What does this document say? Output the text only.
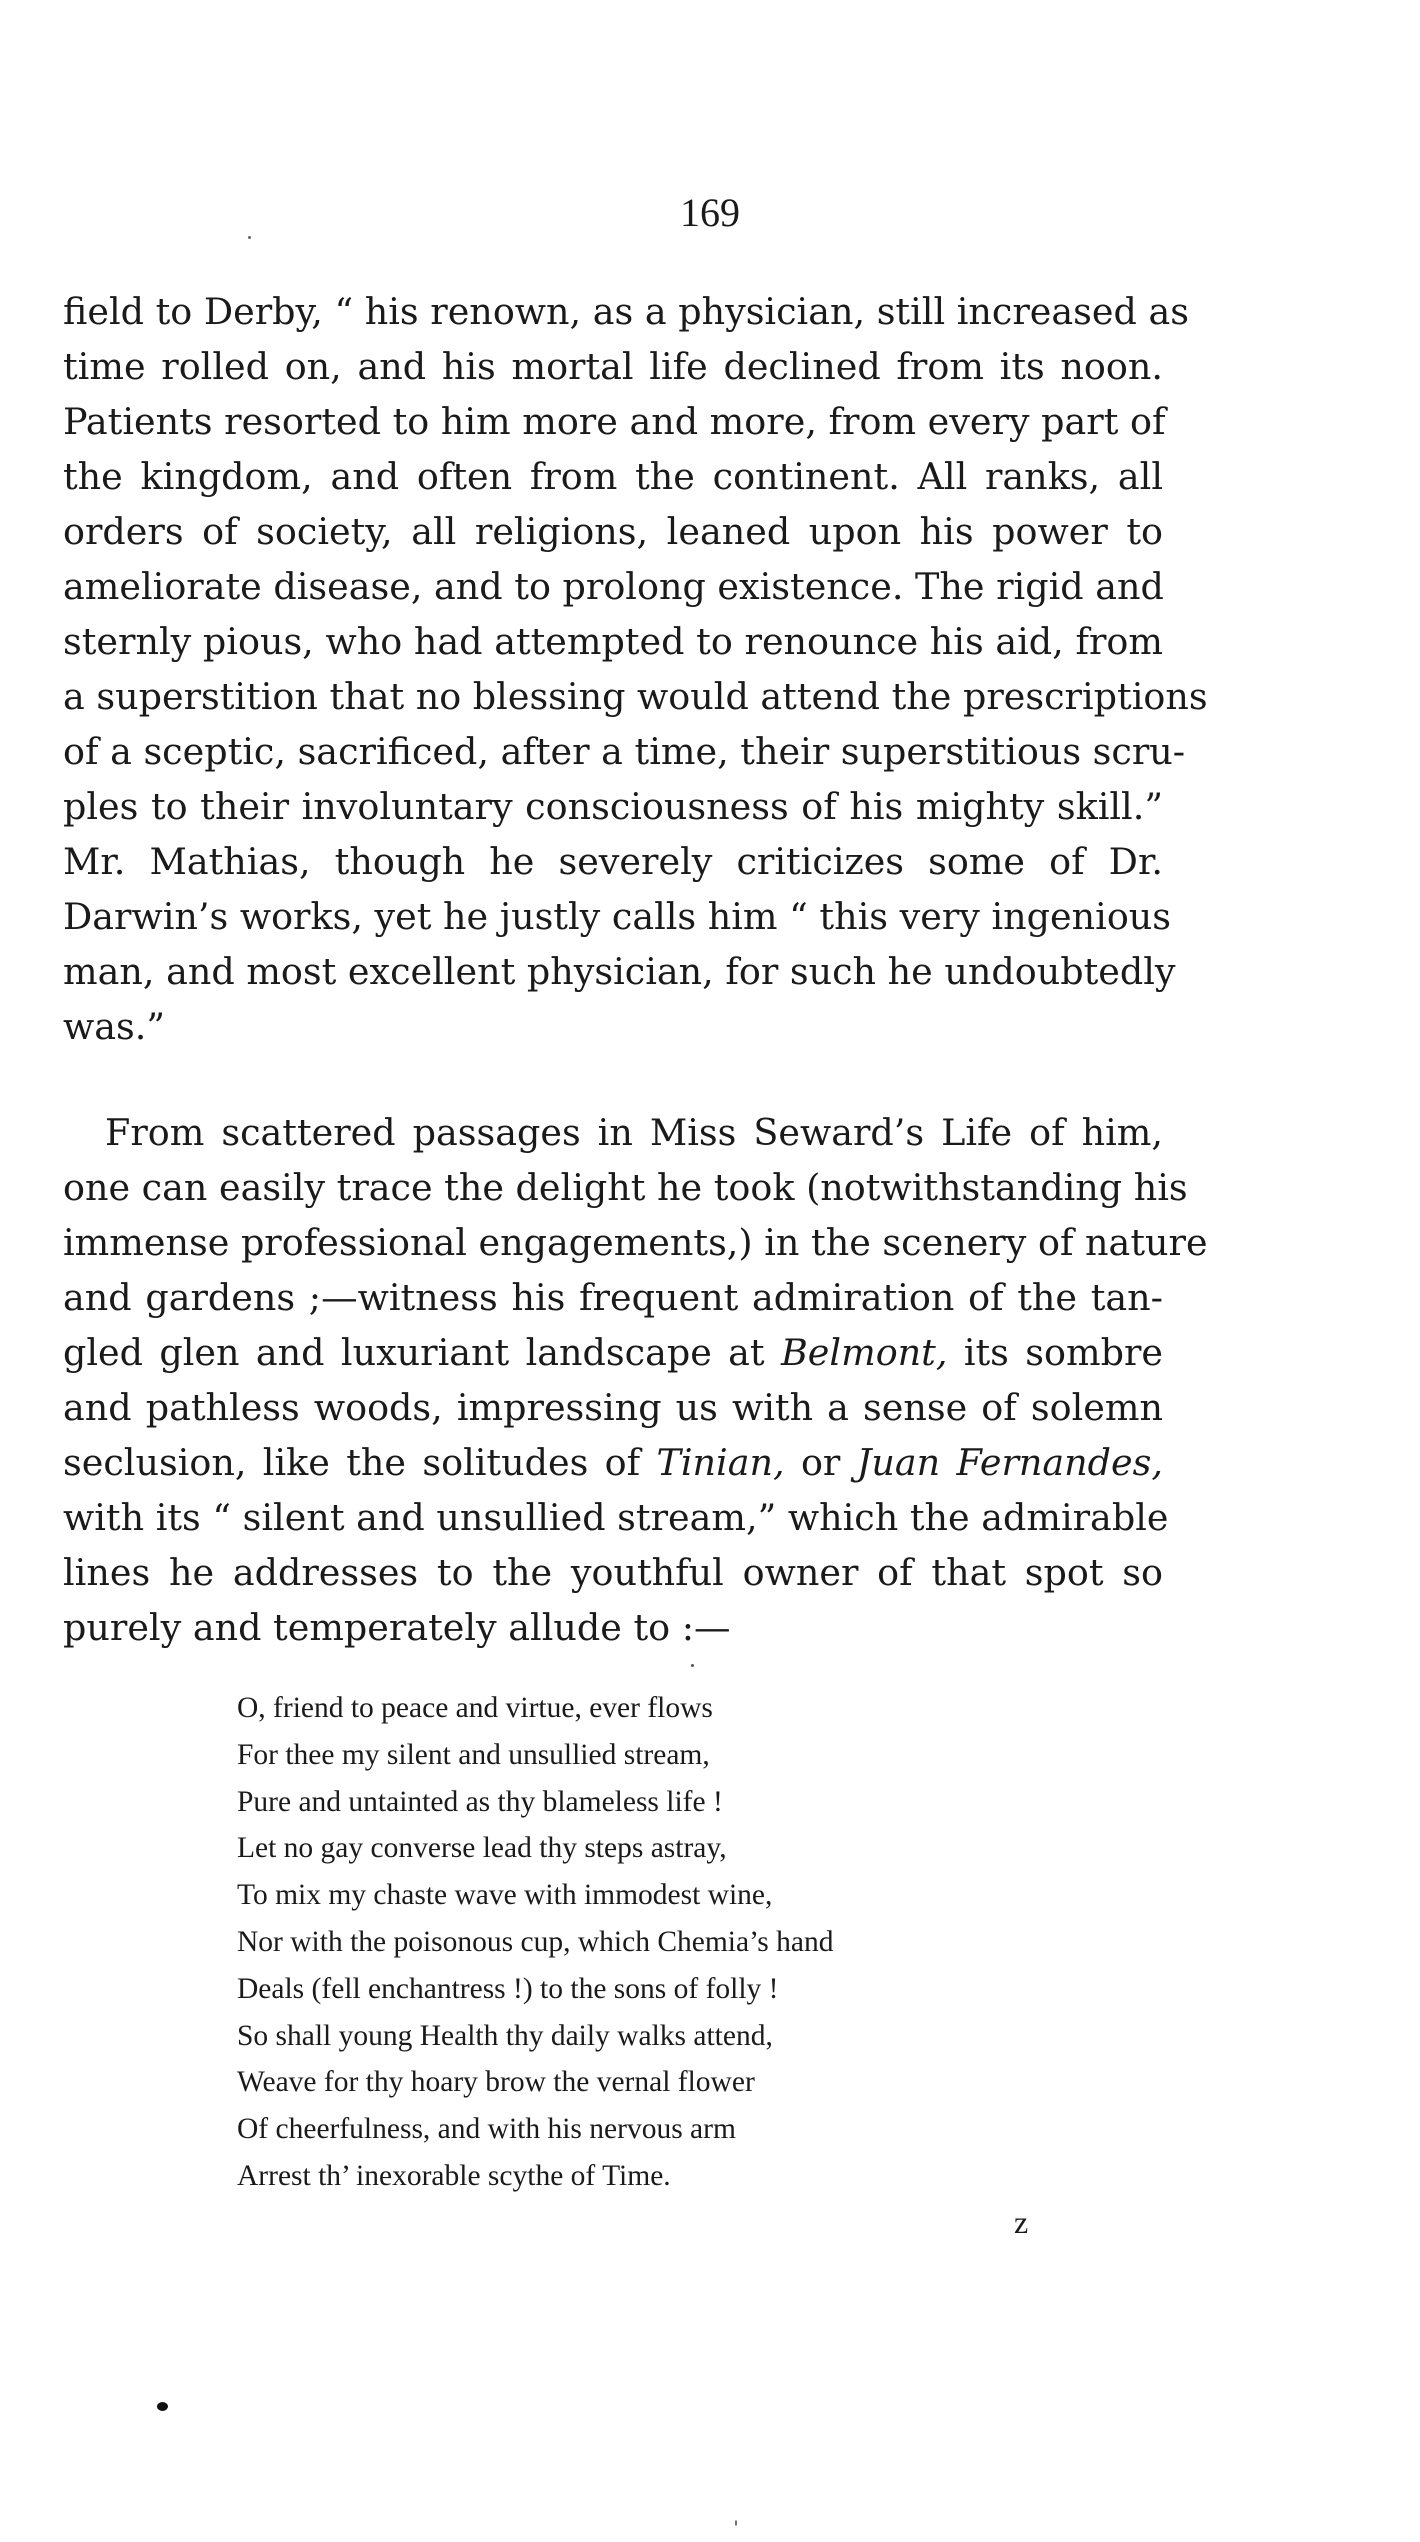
169
field to Derby, “ his renown, as a physician, still increased as
time rolled on, and his mortal life declined from its noon.
Patients resorted to him more and more, from every part of
the kingdom, and often from the continent. All ranks, all
orders of society, all religions, leaned upon his power to
ameliorate disease, and to prolong existence. The rigid and
sternly pious, who had attempted to renounce his aid, from
a superstition that no blessing would attend the prescriptions
of a sceptic, sacrificed, after a time, their superstitious scru-
ples to their involuntary consciousness of his mighty skill.”
Mr. Mathias, though he severely criticizes some of Dr.
Darwin’s works, yet he justly calls him “ this very ingenious
man, and most excellent physician, for such he undoubtedly
was.”
From scattered passages in Miss Seward’s Life of him,
one can easily trace the delight he took (notwithstanding his
immense professional engagements,) in the scenery of nature
and gardens ;—witness his frequent admiration of the tan-
gled glen and luxuriant landscape at Belmont, its sombre
and pathless woods, impressing us with a sense of solemn
seclusion, like the solitudes of Tinian, or Juan Fernandes,
with its “ silent and unsullied stream,” which the admirable
lines he addresses to the youthful owner of that spot so
purely and temperately allude to :—
O, friend to peace and virtue, ever flows
For thee my silent and unsullied stream,
Pure and untainted as thy blameless life !
Let no gay converse lead thy steps astray,
To mix my chaste wave with immodest wine,
Nor with the poisonous cup, which Chemia’s hand
Deals (fell enchantress !) to the sons of folly !
So shall young Health thy daily walks attend,
Weave for thy hoary brow the vernal flower
Of cheerfulness, and with his nervous arm
Arrest th’ inexorable scythe of Time.
z
